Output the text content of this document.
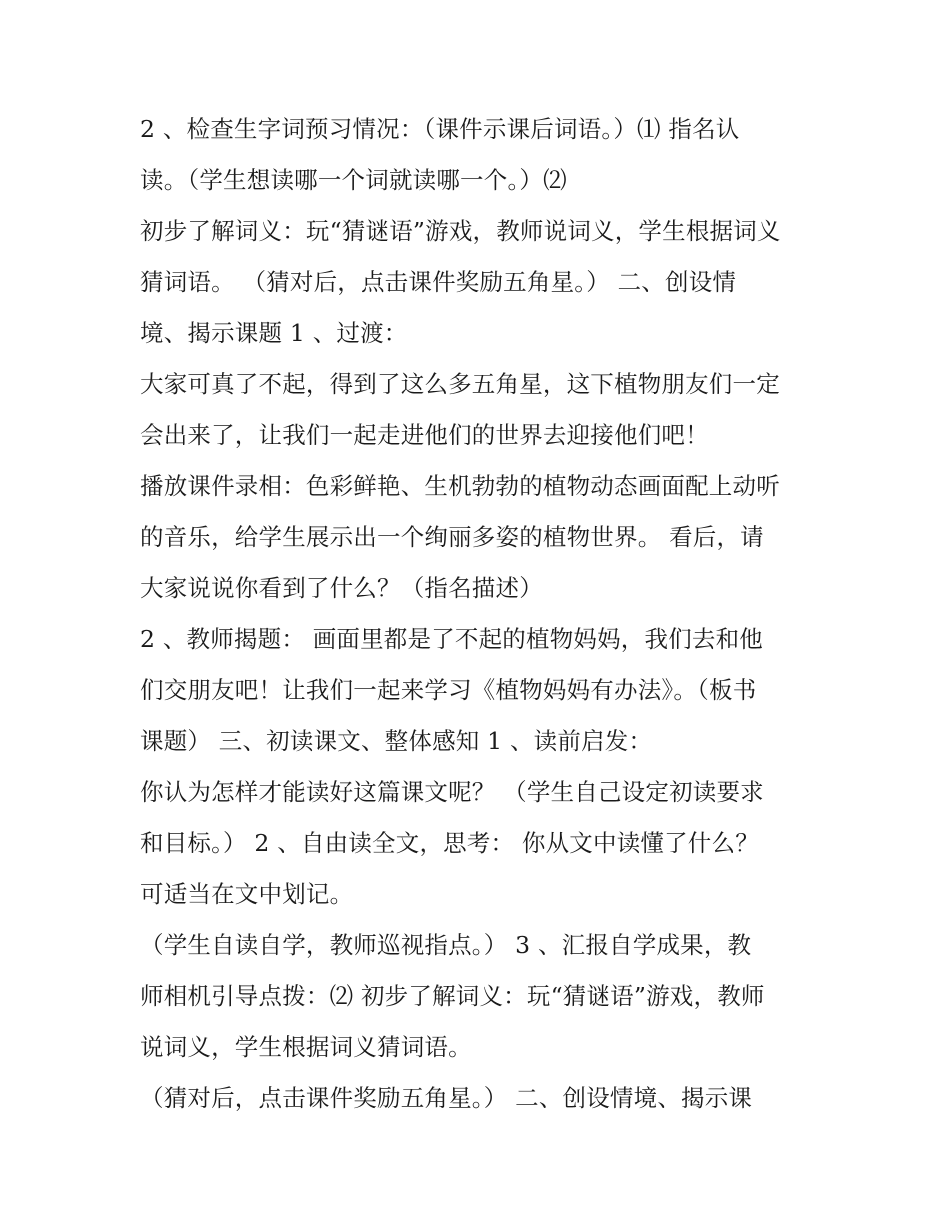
2 、检查生字词预习情况：（课件示课后词语。）⑴ 指名认
读。（学生想读哪一个词就读哪一个。）⑵
初步了解词义：玩“猜谜语”游戏，教师说词义，学生根据词义
猜词语。 （猜对后，点击课件奖励五角星。） 二、创设情
境、揭示课题 1 、过渡：
大家可真了不起，得到了这么多五角星，这下植物朋友们一定
会出来了，让我们一起走进他们的世界去迎接他们吧！
播放课件录相：色彩鲜艳、生机勃勃的植物动态画面配上动听
的音乐，给学生展示出一个绚丽多姿的植物世界。 看后，请
大家说说你看到了什么？（指名描述）
2 、教师揭题： 画面里都是了不起的植物妈妈，我们去和他
们交朋友吧！让我们一起来学习《植物妈妈有办法》。（板书
课题） 三、初读课文、整体感知 1 、读前启发：
你认为怎样才能读好这篇课文呢？ （学生自己设定初读要求
和目标。） 2 、自由读全文，思考： 你从文中读懂了什么？
可适当在文中划记。
（学生自读自学，教师巡视指点。） 3 、汇报自学成果，教
师相机引导点拨：⑵ 初步了解词义：玩“猜谜语”游戏，教师
说词义，学生根据词义猜词语。
（猜对后，点击课件奖励五角星。） 二、创设情境、揭示课
